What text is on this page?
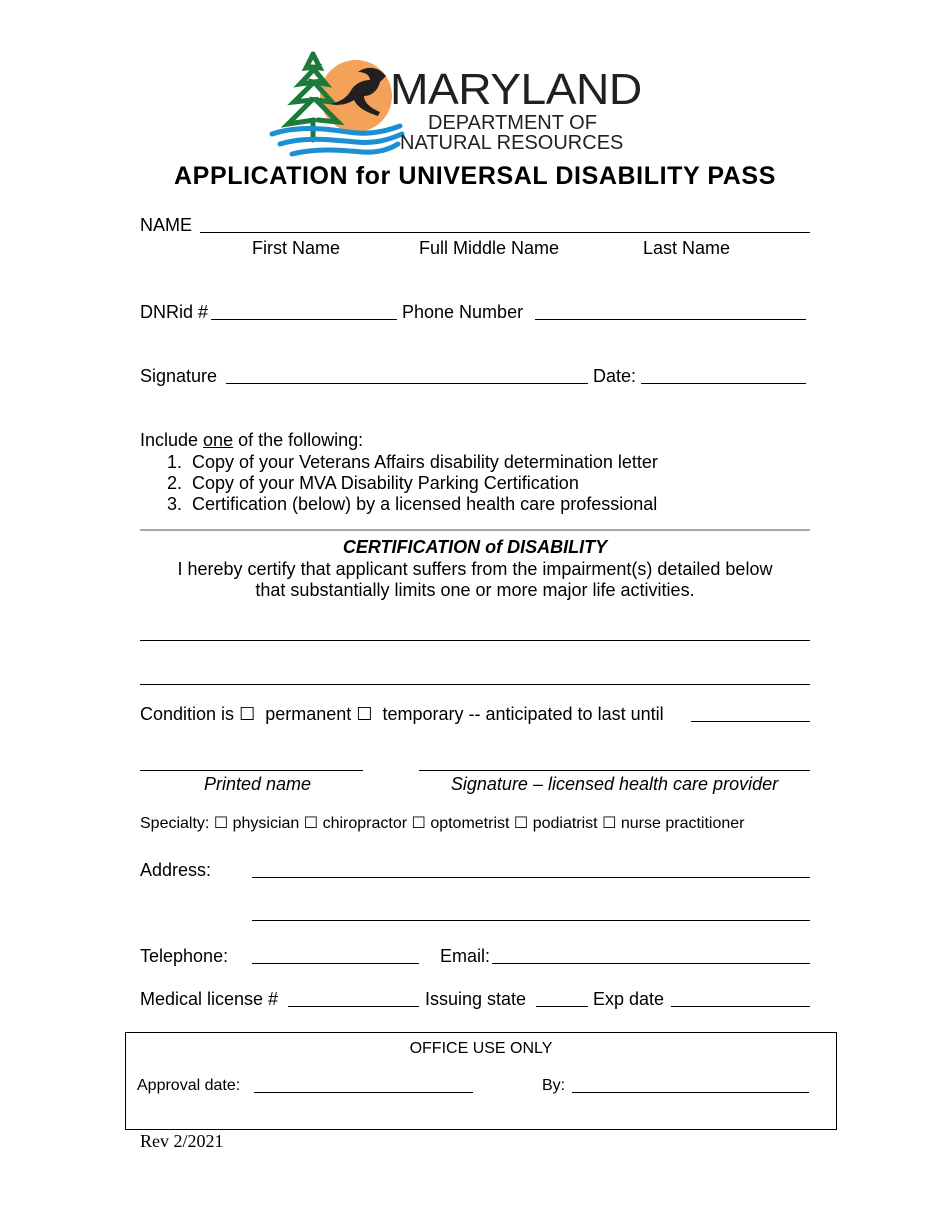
MARYLAND
DEPARTMENT OF
NATURAL RESOURCES
APPLICATION for UNIVERSAL DISABILITY PASS
NAME
First Name	Full Middle Name	Last Name
DNRid #	Phone Number
Signature	Date:
Include one of the following:
1.  Copy of your Veterans Affairs disability determination letter
2.  Copy of your MVA Disability Parking Certification
3.  Certification (below) by a licensed health care professional
CERTIFICATION of DISABILITY
I hereby certify that applicant suffers from the impairment(s) detailed below
that substantially limits one or more major life activities.
Condition is ☐ permanent ☐ temporary -- anticipated to last until
Printed name	Signature – licensed health care provider
Specialty: ☐ physician ☐ chiropractor ☐ optometrist ☐ podiatrist ☐ nurse practitioner
Address:
Telephone:	Email:
Medical license #	Issuing state	Exp date
OFFICE USE ONLY
Approval date:	By:
Rev 2/2021
